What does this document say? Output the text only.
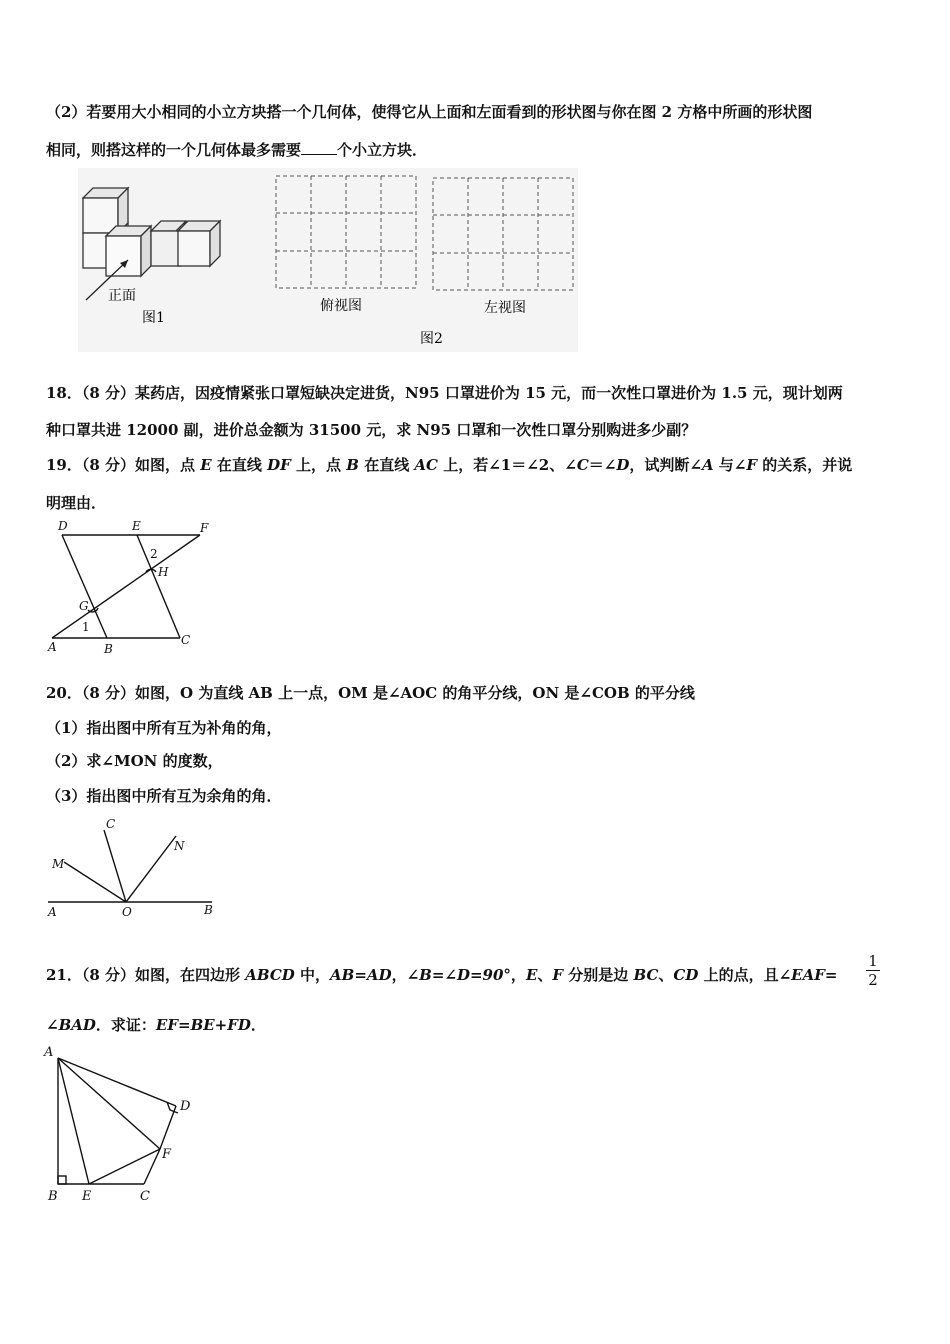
（2）若要用大小相同的小立方块搭一个几何体，使得它从上面和左面看到的形状图与你在图 2 方格中所画的形状图
相同，则搭这样的一个几何体最多需要 个小立方块．
正面
图1
俯视图	左视图
图2
18．（8 分）某药店，因疫情紧张口罩短缺决定进货，N95 口罩进价为 15 元，而一次性口罩进价为 1.5 元，现计划两
种口罩共进 12000 副，进价总金额为 31500 元，求 N95 口罩和一次性口罩分别购进多少副？
19．（8 分）如图，点 E 在直线 DF 上，点 B 在直线 AC 上，若∠1＝∠2、∠C＝∠D，试判断∠A 与∠F 的关系，并说
明理由．
D	E	F
G
H
A	B
C
1
2
20．（8 分）如图，O 为直线 AB 上一点，OM 是∠AOC 的角平分线，ON 是∠COB 的平分线
（1）指出图中所有互为补角的角，
（2）求∠MON 的度数，
（3）指出图中所有互为余角的角．
C
N
M
A	O	B
21．（8 分）如图，在四边形 ABCD 中，AB=AD，∠B=∠D=90°，E、F 分别是边 BC、CD 上的点，且∠EAF=
1
2
∠BAD．求证：EF=BE+FD．
A
D
F
B E	C
